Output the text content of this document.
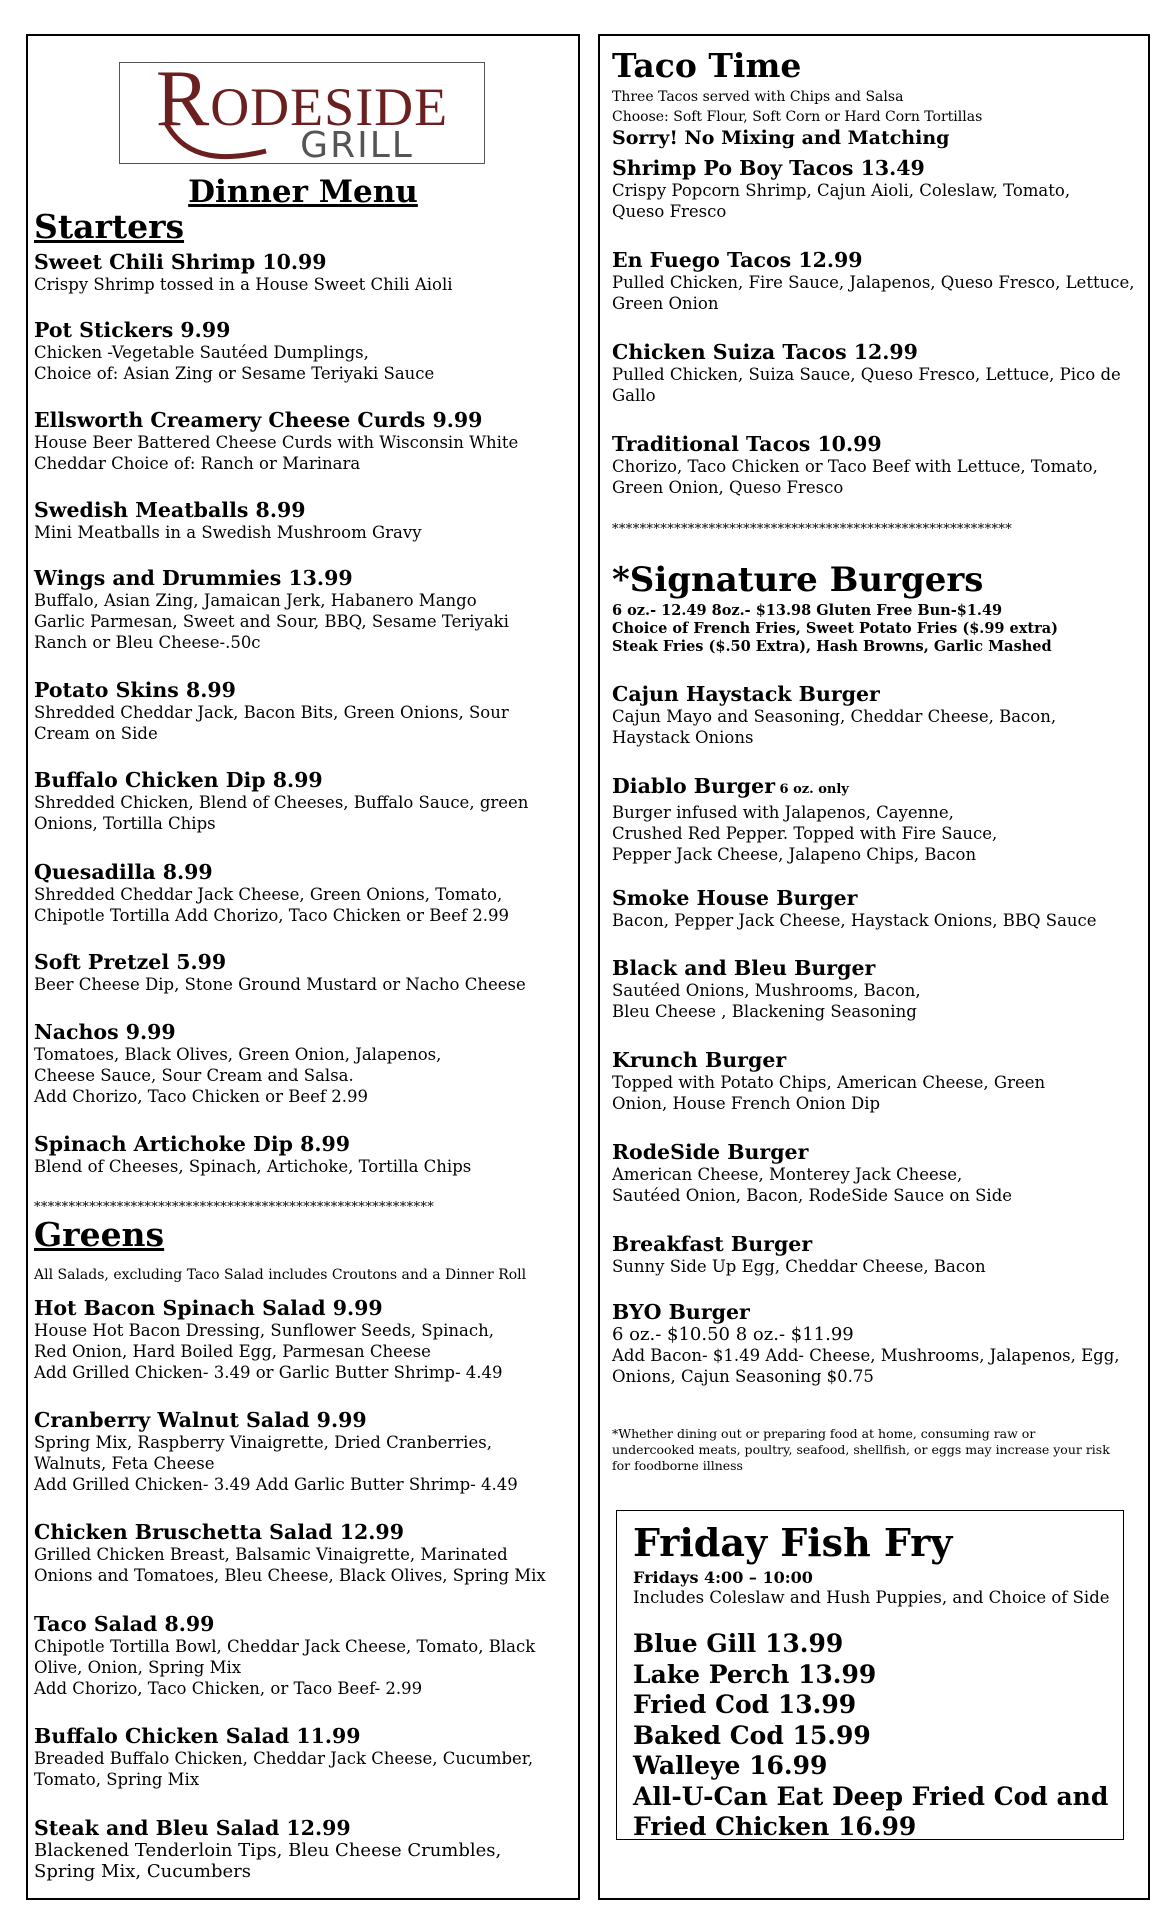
RODESIDE
GRILL
Dinner Menu
Starters
Sweet Chili Shrimp 10.99
Crispy Shrimp tossed in a House Sweet Chili Aioli
Pot Stickers 9.99
Chicken -Vegetable Sautéed Dumplings,
Choice of: Asian Zing or Sesame Teriyaki Sauce
Ellsworth Creamery Cheese Curds 9.99
House Beer Battered Cheese Curds with Wisconsin White
Cheddar Choice of: Ranch or Marinara
Swedish Meatballs 8.99
Mini Meatballs in a Swedish Mushroom Gravy
Wings and Drummies 13.99
Buffalo, Asian Zing, Jamaican Jerk, Habanero Mango
Garlic Parmesan, Sweet and Sour, BBQ, Sesame Teriyaki
Ranch or Bleu Cheese-.50c
Potato Skins 8.99
Shredded Cheddar Jack, Bacon Bits, Green Onions, Sour
Cream on Side
Buffalo Chicken Dip 8.99
Shredded Chicken, Blend of Cheeses, Buffalo Sauce, green
Onions, Tortilla Chips
Quesadilla 8.99
Shredded Cheddar Jack Cheese, Green Onions, Tomato,
Chipotle Tortilla Add Chorizo, Taco Chicken or Beef 2.99
Soft Pretzel 5.99
Beer Cheese Dip, Stone Ground Mustard or Nacho Cheese
Nachos 9.99
Tomatoes, Black Olives, Green Onion, Jalapenos,
Cheese Sauce, Sour Cream and Salsa.
Add Chorizo, Taco Chicken or Beef 2.99
Spinach Artichoke Dip 8.99
Blend of Cheeses, Spinach, Artichoke, Tortilla Chips
**********************************************************
Greens
All Salads, excluding Taco Salad includes Croutons and a Dinner Roll
Hot Bacon Spinach Salad 9.99
House Hot Bacon Dressing, Sunflower Seeds, Spinach,
Red Onion, Hard Boiled Egg, Parmesan Cheese
Add Grilled Chicken- 3.49 or Garlic Butter Shrimp- 4.49
Cranberry Walnut Salad 9.99
Spring Mix, Raspberry Vinaigrette, Dried Cranberries,
Walnuts, Feta Cheese
Add Grilled Chicken- 3.49 Add Garlic Butter Shrimp- 4.49
Chicken Bruschetta Salad 12.99
Grilled Chicken Breast, Balsamic Vinaigrette, Marinated
Onions and Tomatoes, Bleu Cheese, Black Olives, Spring Mix
Taco Salad 8.99
Chipotle Tortilla Bowl, Cheddar Jack Cheese, Tomato, Black
Olive, Onion, Spring Mix
Add Chorizo, Taco Chicken, or Taco Beef- 2.99
Buffalo Chicken Salad 11.99
Breaded Buffalo Chicken, Cheddar Jack Cheese, Cucumber,
Tomato, Spring Mix
Steak and Bleu Salad 12.99
Blackened Tenderloin Tips, Bleu Cheese Crumbles,
Spring Mix, Cucumbers
Taco Time
Three Tacos served with Chips and Salsa
Choose: Soft Flour, Soft Corn or Hard Corn Tortillas
Sorry! No Mixing and Matching
Shrimp Po Boy Tacos 13.49
Crispy Popcorn Shrimp, Cajun Aioli, Coleslaw, Tomato,
Queso Fresco
En Fuego Tacos 12.99
Pulled Chicken, Fire Sauce, Jalapenos, Queso Fresco, Lettuce,
Green Onion
Chicken Suiza Tacos 12.99
Pulled Chicken, Suiza Sauce, Queso Fresco, Lettuce, Pico de
Gallo
Traditional Tacos 10.99
Chorizo, Taco Chicken or Taco Beef with Lettuce, Tomato,
Green Onion, Queso Fresco
**********************************************************
*Signature Burgers
6 oz.- 12.49 8oz.- $13.98 Gluten Free Bun-$1.49
Choice of French Fries, Sweet Potato Fries ($.99 extra)
Steak Fries ($.50 Extra), Hash Browns, Garlic Mashed
Cajun Haystack Burger
Cajun Mayo and Seasoning, Cheddar Cheese, Bacon,
Haystack Onions
Diablo Burger 6 oz. only
Burger infused with Jalapenos, Cayenne,
Crushed Red Pepper. Topped with Fire Sauce,
Pepper Jack Cheese, Jalapeno Chips, Bacon
Smoke House Burger
Bacon, Pepper Jack Cheese, Haystack Onions, BBQ Sauce
Black and Bleu Burger
Sautéed Onions, Mushrooms, Bacon,
Bleu Cheese , Blackening Seasoning
Krunch Burger
Topped with Potato Chips, American Cheese, Green
Onion, House French Onion Dip
RodeSide Burger
American Cheese, Monterey Jack Cheese,
Sautéed Onion, Bacon, RodeSide Sauce on Side
Breakfast Burger
Sunny Side Up Egg, Cheddar Cheese, Bacon
BYO Burger
6 oz.- $10.50 8 oz.- $11.99
Add Bacon- $1.49 Add- Cheese, Mushrooms, Jalapenos, Egg,
Onions, Cajun Seasoning $0.75
*Whether dining out or preparing food at home, consuming raw or
undercooked meats, poultry, seafood, shellfish, or eggs may increase your risk
for foodborne illness
Friday Fish Fry
Fridays 4:00 – 10:00
Includes Coleslaw and Hush Puppies, and Choice of Side
Blue Gill 13.99
Lake Perch 13.99
Fried Cod 13.99
Baked Cod 15.99
Walleye 16.99
All-U-Can Eat Deep Fried Cod and
Fried Chicken 16.99
